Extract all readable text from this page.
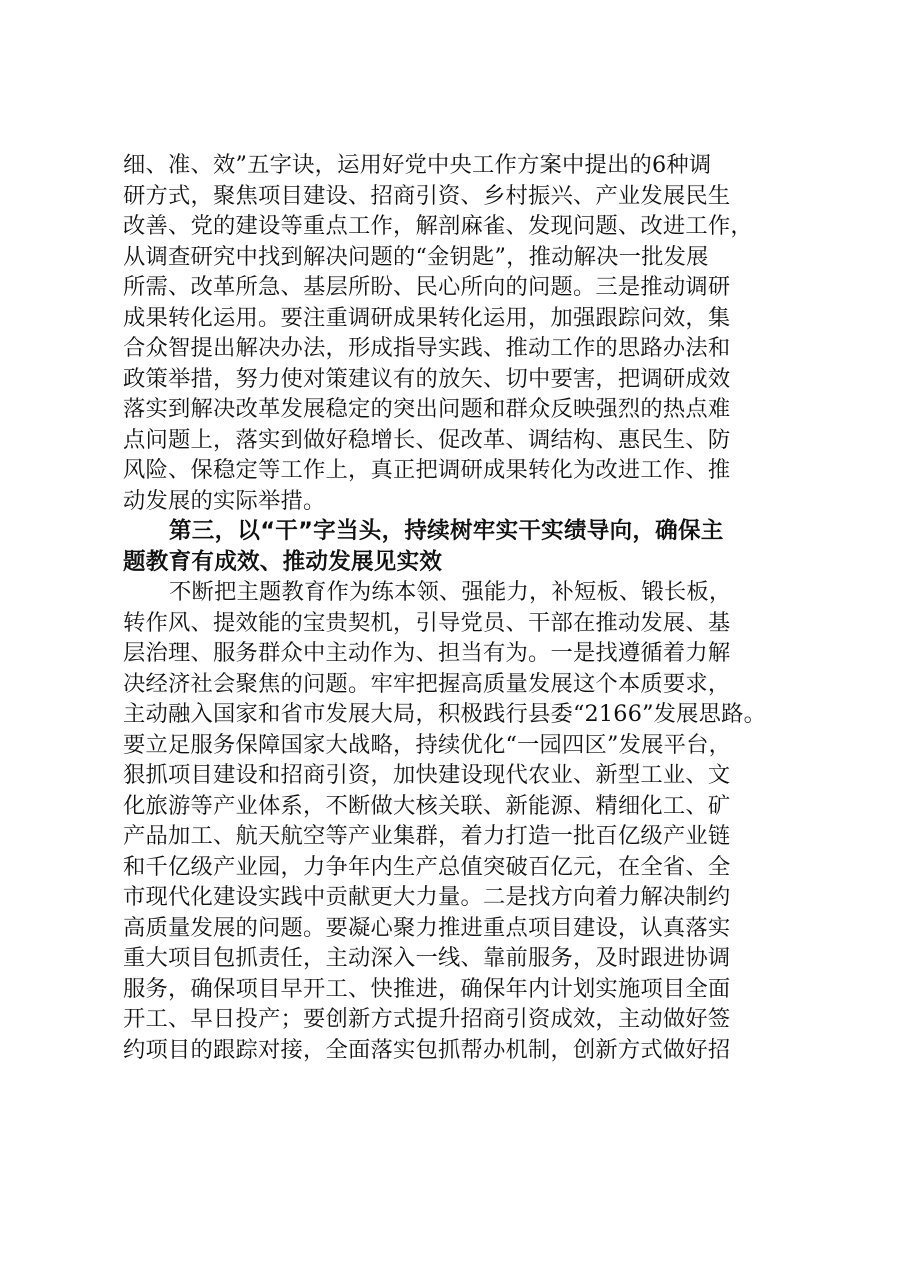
细、准、效”五字诀，运用好党中央工作方案中提出的6种调
研方式，聚焦项目建设、招商引资、乡村振兴、产业发展民生
改善、党的建设等重点工作，解剖麻雀、发现问题、改进工作，
从调查研究中找到解决问题的“金钥匙”，推动解决一批发展
所需、改革所急、基层所盼、民心所向的问题。三是推动调研
成果转化运用。要注重调研成果转化运用，加强跟踪问效，集
合众智提出解决办法，形成指导实践、推动工作的思路办法和
政策举措，努力使对策建议有的放矢、切中要害，把调研成效
落实到解决改革发展稳定的突出问题和群众反映强烈的热点难
点问题上，落实到做好稳增长、促改革、调结构、惠民生、防
风险、保稳定等工作上，真正把调研成果转化为改进工作、推
动发展的实际举措。
第三，以“干”字当头，持续树牢实干实绩导向，确保主
题教育有成效、推动发展见实效
不断把主题教育作为练本领、强能力，补短板、锻长板，
转作风、提效能的宝贵契机，引导党员、干部在推动发展、基
层治理、服务群众中主动作为、担当有为。一是找遵循着力解
决经济社会聚焦的问题。牢牢把握高质量发展这个本质要求，
主动融入国家和省市发展大局，积极践行县委“2166”发展思路。
要立足服务保障国家大战略，持续优化“一园四区”发展平台，
狠抓项目建设和招商引资，加快建设现代农业、新型工业、文
化旅游等产业体系，不断做大核关联、新能源、精细化工、矿
产品加工、航天航空等产业集群，着力打造一批百亿级产业链
和千亿级产业园，力争年内生产总值突破百亿元，在全省、全
市现代化建设实践中贡献更大力量。二是找方向着力解决制约
高质量发展的问题。要凝心聚力推进重点项目建设，认真落实
重大项目包抓责任，主动深入一线、靠前服务，及时跟进协调
服务，确保项目早开工、快推进，确保年内计划实施项目全面
开工、早日投产；要创新方式提升招商引资成效，主动做好签
约项目的跟踪对接，全面落实包抓帮办机制，创新方式做好招
